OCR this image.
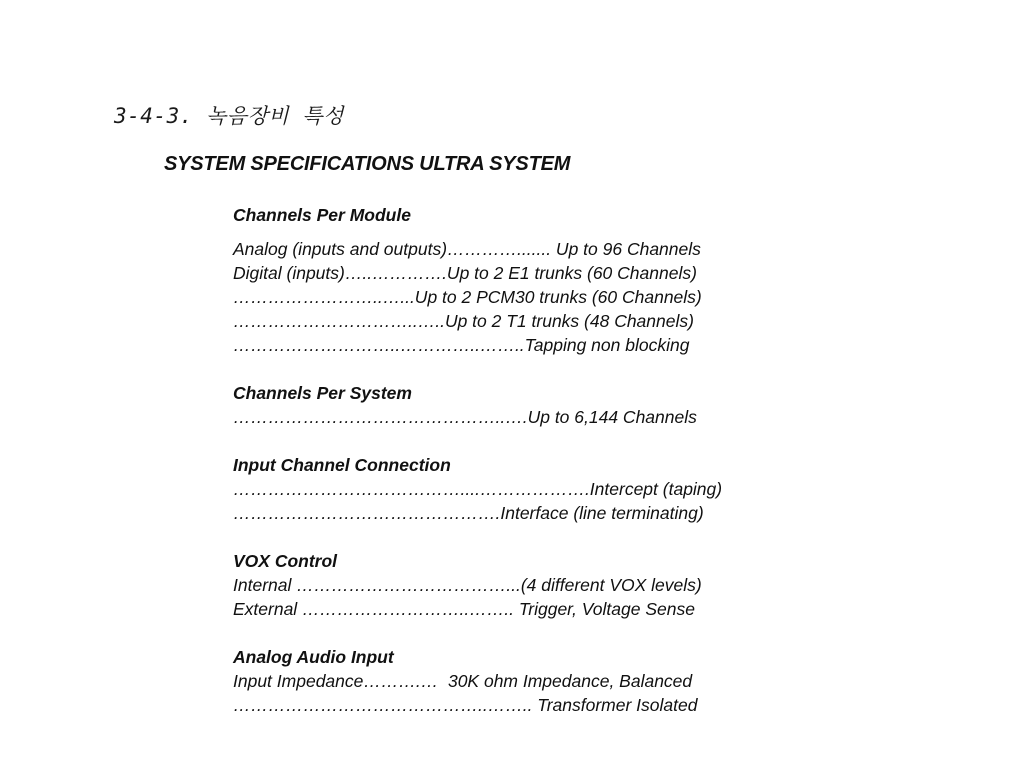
3-4-3. 녹음장비 특성
SYSTEM SPECIFICATIONS ULTRA SYSTEM
Channels Per Module
Analog (inputs and outputs)…………....... Up to 96 Channels
Digital (inputs)…..………….Up to 2 E1 trunks (60 Channels)
……………………..…...Up to 2 PCM30 trunks (60 Channels)
…………………………..…..Up to 2 T1 trunks (48 Channels)
………………………..…………..……..Tapping non blocking
Channels Per System
………………………………………..….Up to 6,144 Channels
Input Channel Connection
…………………………………....……………….Intercept (taping)
……………………………………….Interface (line terminating)
VOX Control
Internal ………………………………...(4 different VOX levels)
External ………………………..…….. Trigger, Voltage Sense
Analog Audio Input
Input Impedance……….…  30K ohm Impedance, Balanced
……………………………………..…….. Transformer Isolated
